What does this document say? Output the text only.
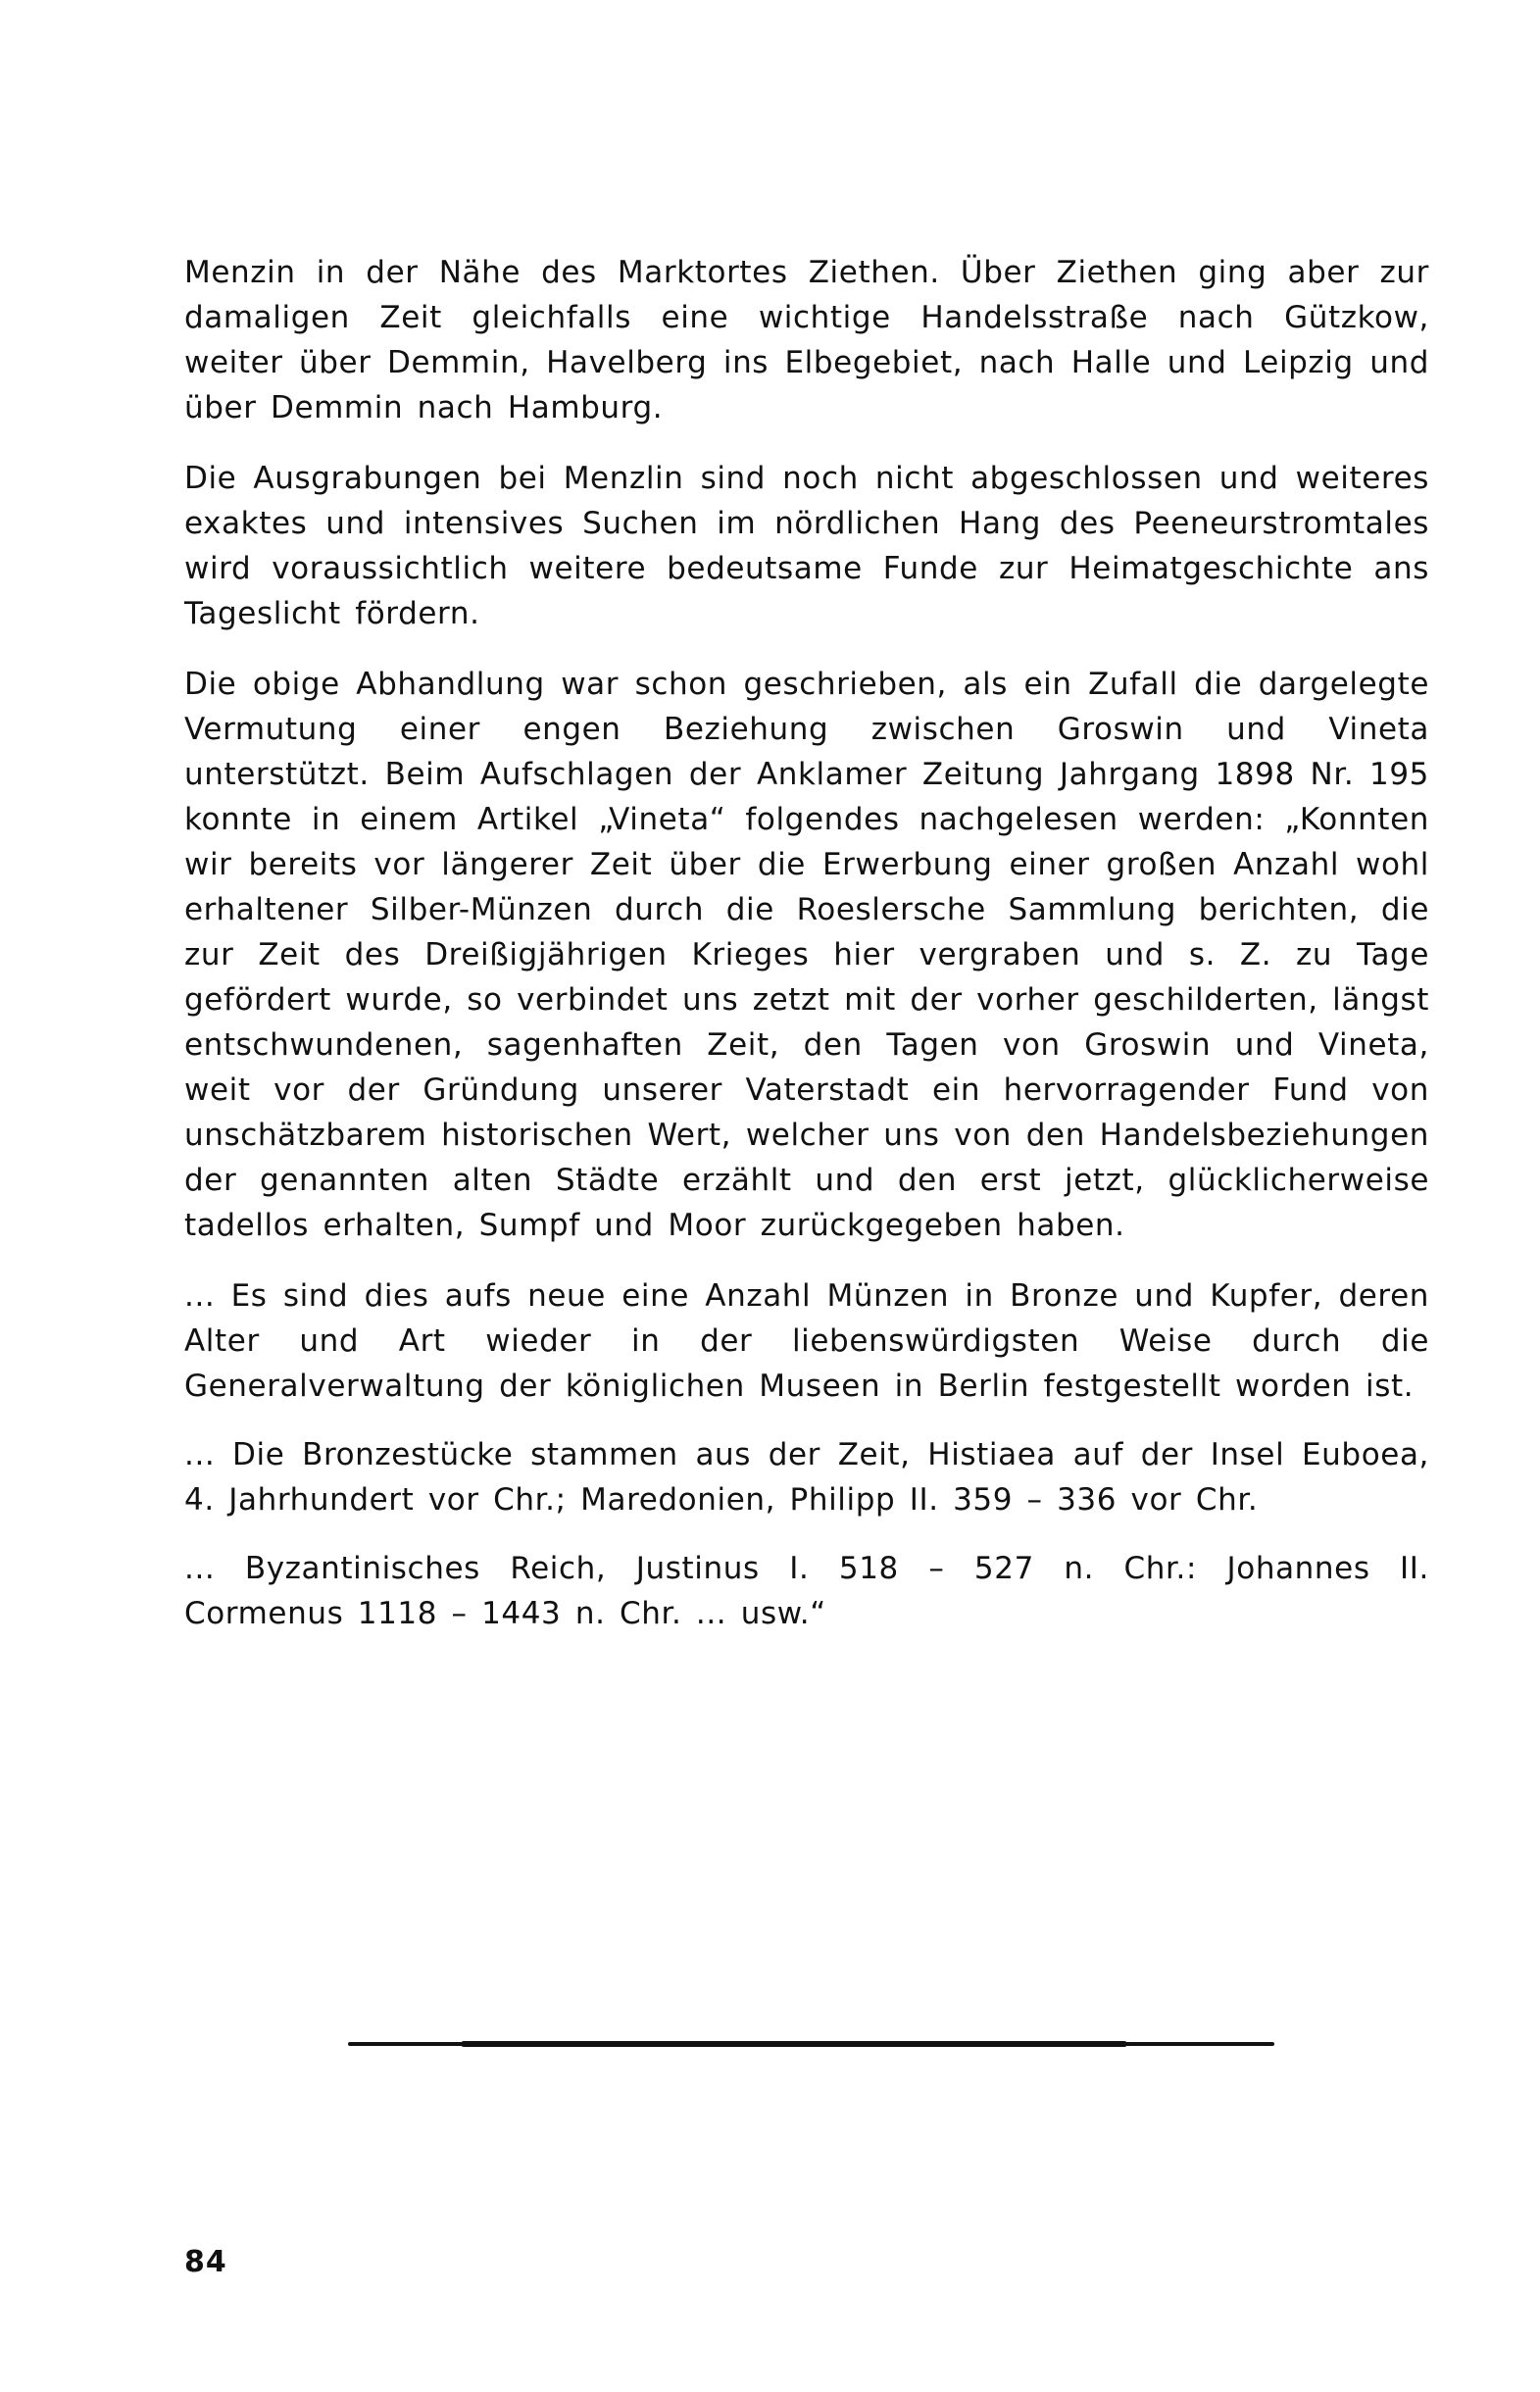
Menzin in der Nähe des Marktortes Ziethen. Über Ziethen ging aber zur damaligen Zeit gleichfalls eine wichtige Handelsstraße nach Gützkow, weiter über Demmin, Havelberg ins Elbegebiet, nach Halle und Leipzig und über Demmin nach Hamburg.

Die Ausgrabungen bei Menzlin sind noch nicht abgeschlossen und weiteres exaktes und intensives Suchen im nördlichen Hang des Peeneurstromtales wird voraussichtlich weitere bedeutsame Funde zur Heimatgeschichte ans Tageslicht fördern.

Die obige Abhandlung war schon geschrieben, als ein Zufall die dargelegte Vermutung einer engen Beziehung zwischen Groswin und Vineta unterstützt. Beim Aufschlagen der Anklamer Zeitung Jahrgang 1898 Nr. 195 konnte in einem Artikel „Vineta“ folgendes nachgelesen werden: „Konnten wir bereits vor längerer Zeit über die Erwerbung einer großen Anzahl wohl erhaltener Silber-Münzen durch die Roeslersche Sammlung berichten, die zur Zeit des Dreißigjährigen Krieges hier vergraben und s. Z. zu Tage gefördert wurde, so verbindet uns zetzt mit der vorher geschilderten, längst entschwundenen, sagenhaften Zeit, den Tagen von Groswin und Vineta, weit vor der Gründung unserer Vaterstadt ein hervorragender Fund von unschätzbarem historischen Wert, welcher uns von den Handelsbeziehungen der genannten alten Städte erzählt und den erst jetzt, glücklicherweise tadellos erhalten, Sumpf und Moor zurückgegeben haben.

... Es sind dies aufs neue eine Anzahl Münzen in Bronze und Kupfer, deren Alter und Art wieder in der liebenswürdigsten Weise durch die Generalverwaltung der königlichen Museen in Berlin festgestellt worden ist.

... Die Bronzestücke stammen aus der Zeit, Histiaea auf der Insel Euboea, 4. Jahrhundert vor Chr.; Maredonien, Philipp II. 359 – 336 vor Chr.

... Byzantinisches Reich, Justinus I. 518 – 527 n. Chr.: Johannes II. Cormenus 1118 – 1443 n. Chr. ... usw.“

84
